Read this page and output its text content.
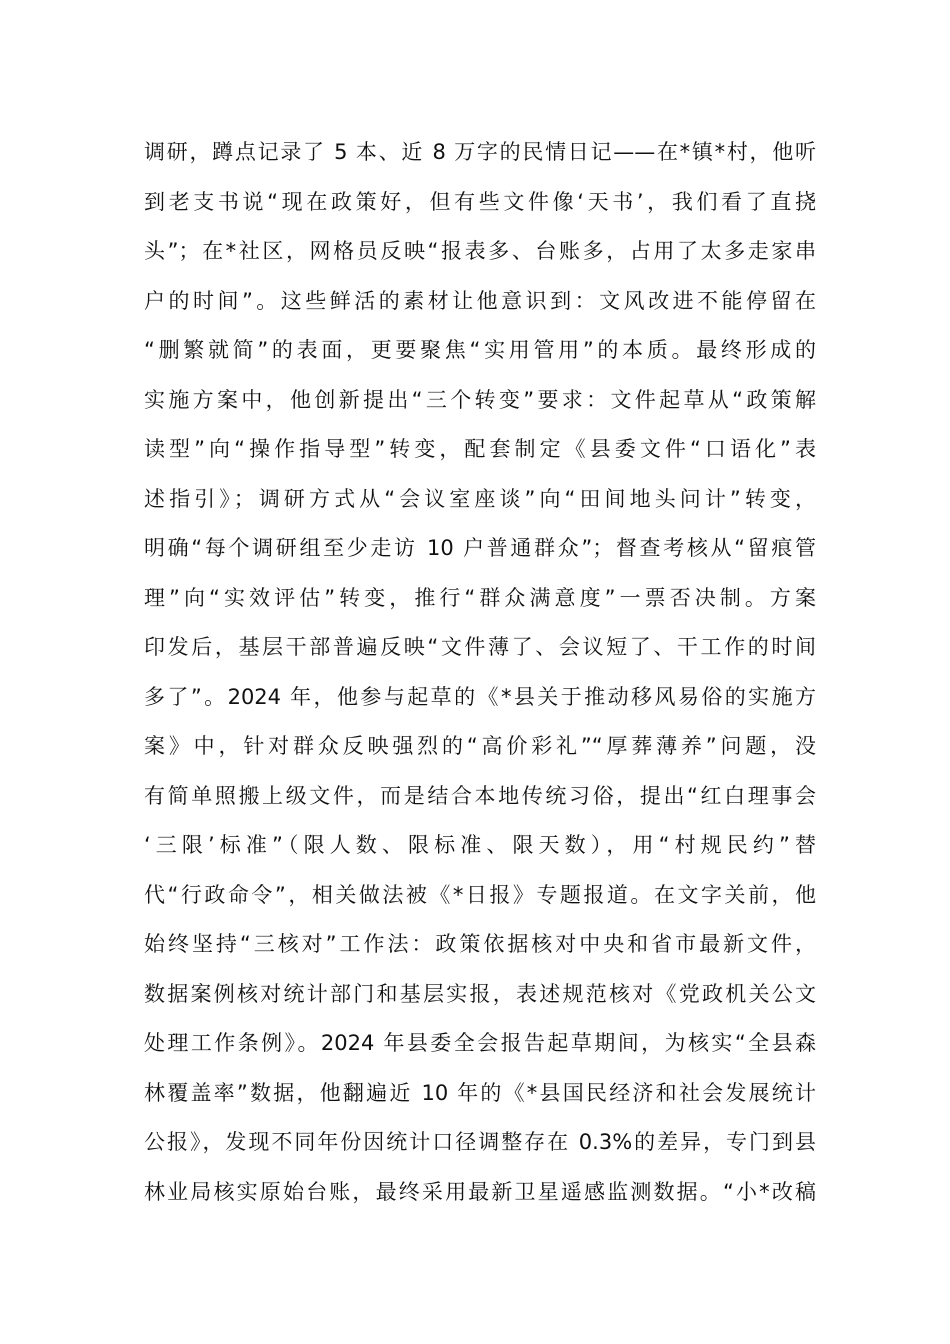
调研，蹲点记录了 5 本、近 8 万字的民情日记——在*镇*村，他听
到老支书说“现在政策好，但有些文件像‘天书’，我们看了直挠
头”；在*社区，网格员反映“报表多、台账多，占用了太多走家串
户的时间”。这些鲜活的素材让他意识到：文风改进不能停留在
“删繁就简”的表面，更要聚焦“实用管用”的本质。最终形成的
实施方案中，他创新提出“三个转变”要求：文件起草从“政策解
读型”向“操作指导型”转变，配套制定《县委文件“口语化”表
述指引》；调研方式从“会议室座谈”向“田间地头问计”转变，
明确“每个调研组至少走访 10 户普通群众”；督查考核从“留痕管
理”向“实效评估”转变，推行“群众满意度”一票否决制。方案
印发后，基层干部普遍反映“文件薄了、会议短了、干工作的时间
多了”。2024 年，他参与起草的《*县关于推动移风易俗的实施方
案》中，针对群众反映强烈的“高价彩礼”“厚葬薄养”问题，没
有简单照搬上级文件，而是结合本地传统习俗，提出“红白理事会
‘三限’标准”（限人数、限标准、限天数），用“村规民约”替
代“行政命令”，相关做法被《*日报》专题报道。在文字关前，他
始终坚持“三核对”工作法：政策依据核对中央和省市最新文件，
数据案例核对统计部门和基层实报，表述规范核对《党政机关公文
处理工作条例》。2024 年县委全会报告起草期间，为核实“全县森
林覆盖率”数据，他翻遍近 10 年的《*县国民经济和社会发展统计
公报》，发现不同年份因统计口径调整存在 0.3%的差异，专门到县
林业局核实原始台账，最终采用最新卫星遥感监测数据。“小*改稿
